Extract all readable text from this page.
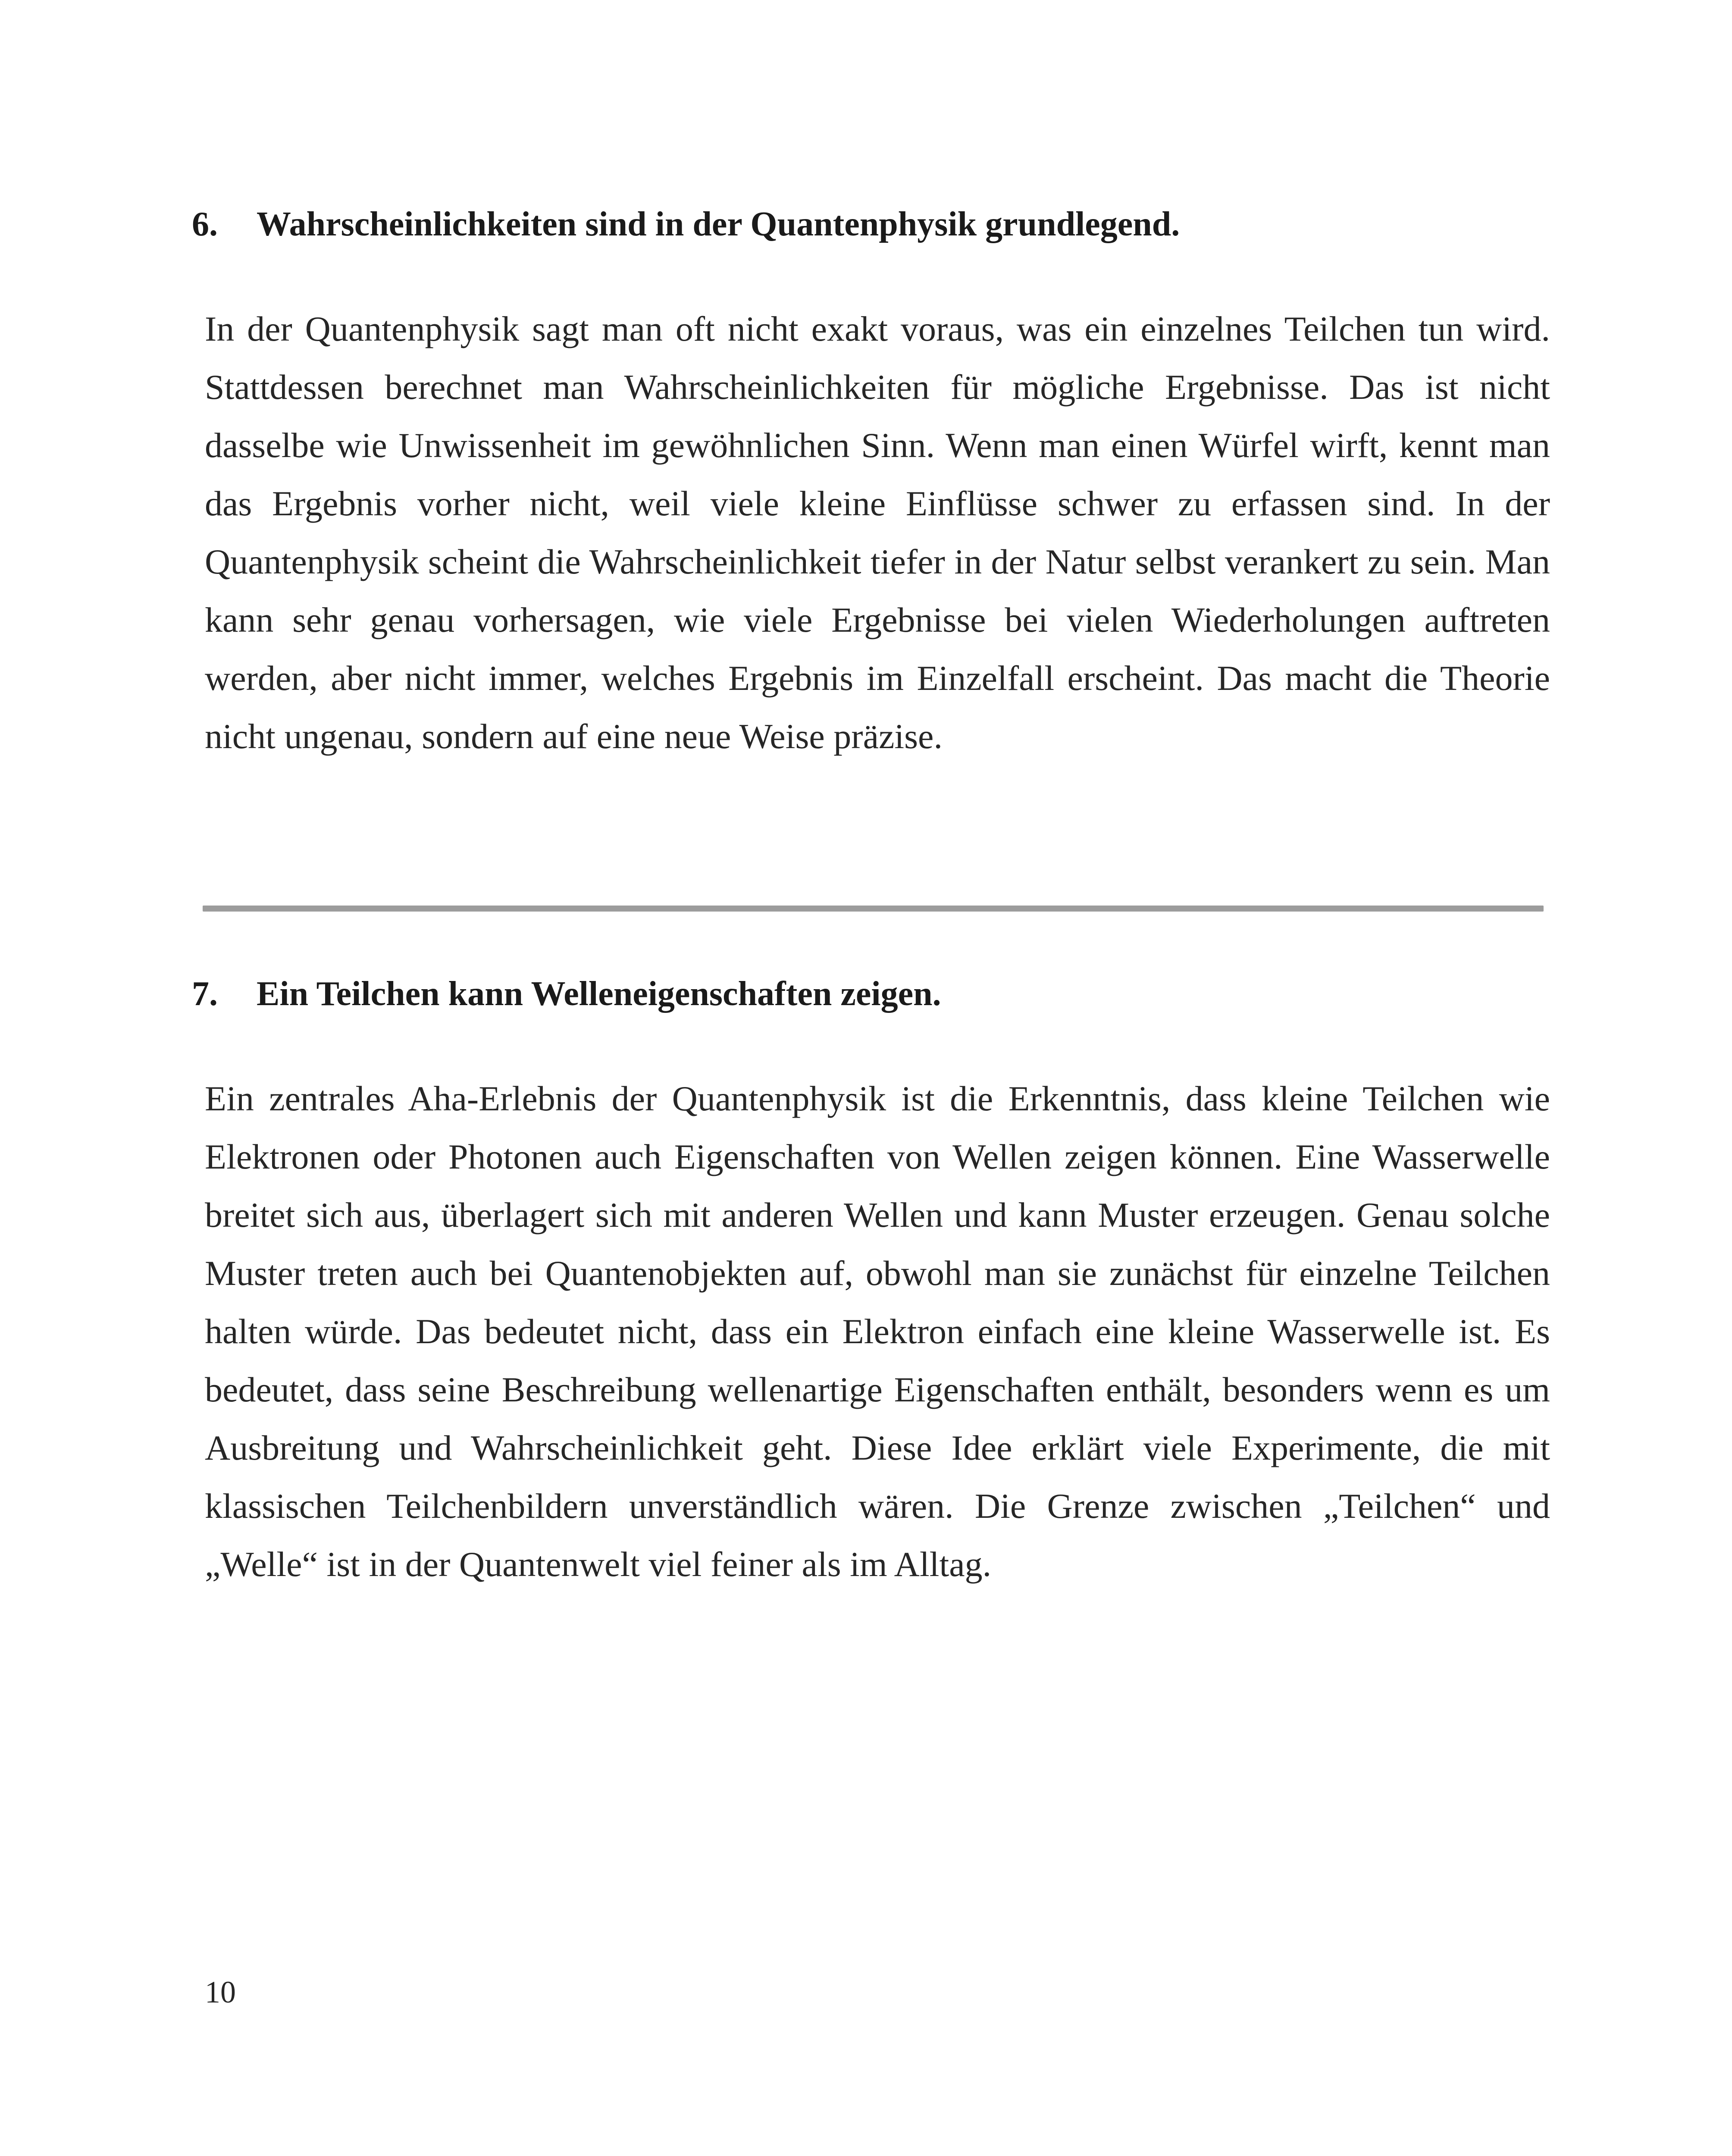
6.	Wahrscheinlichkeiten sind in der Quantenphysik grundlegend.

In der Quantenphysik sagt man oft nicht exakt voraus, was ein einzelnes Teilchen tun wird. Stattdessen berechnet man Wahrscheinlichkeiten für mögliche Ergebnisse. Das ist nicht dasselbe wie Unwissenheit im gewöhnlichen Sinn. Wenn man einen Würfel wirft, kennt man das Ergebnis vorher nicht, weil viele kleine Einflüsse schwer zu erfassen sind. In der Quantenphysik scheint die Wahrscheinlichkeit tiefer in der Natur selbst verankert zu sein. Man kann sehr genau vorhersagen, wie viele Ergebnisse bei vielen Wiederholungen auftreten werden, aber nicht immer, welches Ergebnis im Einzelfall erscheint. Das macht die Theorie nicht ungenau, sondern auf eine neue Weise präzise.

7.	Ein Teilchen kann Welleneigenschaften zeigen.

Ein zentrales Aha-Erlebnis der Quantenphysik ist die Erkenntnis, dass kleine Teilchen wie Elektronen oder Photonen auch Eigenschaften von Wellen zeigen können. Eine Wasserwelle breitet sich aus, überlagert sich mit anderen Wellen und kann Muster erzeugen. Genau solche Muster treten auch bei Quantenobjekten auf, obwohl man sie zunächst für einzelne Teilchen halten würde. Das bedeutet nicht, dass ein Elektron einfach eine kleine Wasserwelle ist. Es bedeutet, dass seine Beschreibung wellenartige Eigenschaften enthält, besonders wenn es um Ausbreitung und Wahrscheinlichkeit geht. Diese Idee erklärt viele Experimente, die mit klassischen Teilchenbildern unverständlich wären. Die Grenze zwischen „Teilchen“ und „Welle“ ist in der Quantenwelt viel feiner als im Alltag.

10
